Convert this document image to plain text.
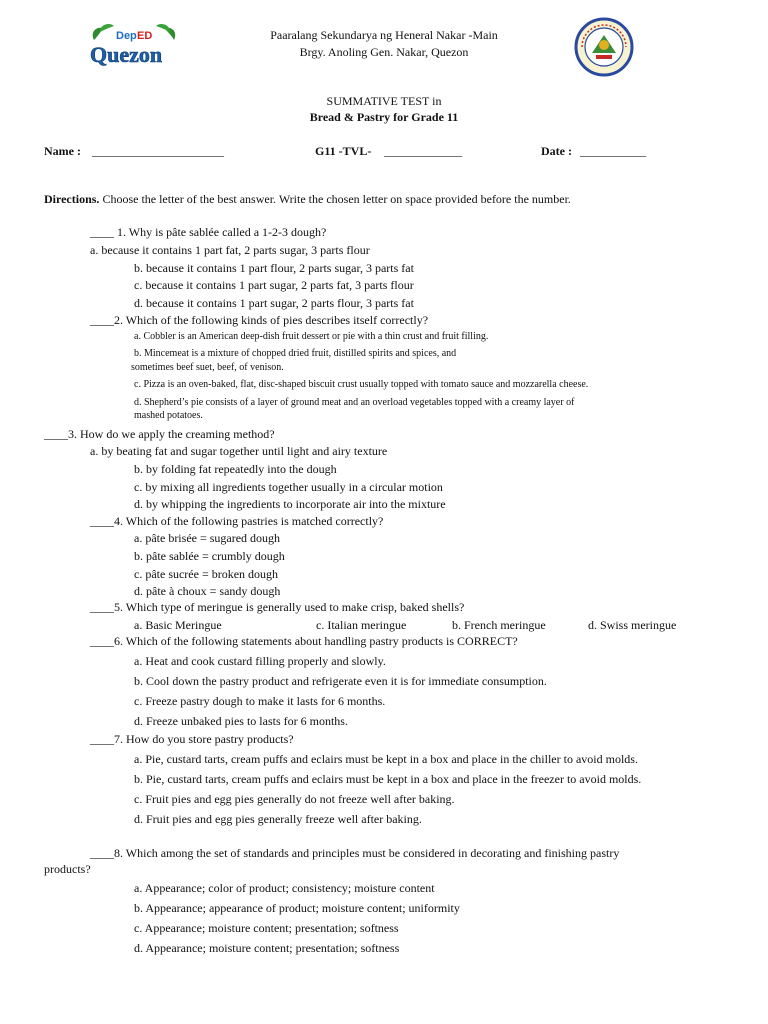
Dep ED
Quezon
Paaralang Sekundarya ng Heneral Nakar -Main
Brgy. Anoling Gen. Nakar, Quezon
SUMMATIVE TEST in
Bread & Pastry for Grade 11
Name : ______________________	G11 -TVL- _____________	Date : ___________
Directions. Choose the letter of the best answer. Write the chosen letter on space provided before the number.
____ 1. Why is pâte sablée called a 1-2-3 dough?
a. because it contains 1 part fat, 2 parts sugar, 3 parts flour
b. because it contains 1 part flour, 2 parts sugar, 3 parts fat
c. because it contains 1 part sugar, 2 parts fat, 3 parts flour
d. because it contains 1 part sugar, 2 parts flour, 3 parts fat
____2. Which of the following kinds of pies describes itself correctly?
a. Cobbler is an American deep-dish fruit dessert or pie with a thin crust and fruit filling.
b. Mincemeat is a mixture of chopped dried fruit, distilled spirits and spices, and
sometimes beef suet, beef, of venison.
c. Pizza is an oven-baked, flat, disc-shaped biscuit crust usually topped with tomato sauce and mozzarella cheese.
d. Shepherd’s pie consists of a layer of ground meat and an overload vegetables topped with a creamy layer of
mashed potatoes.
____3. How do we apply the creaming method?
a. by beating fat and sugar together until light and airy texture
b. by folding fat repeatedly into the dough
c. by mixing all ingredients together usually in a circular motion
d. by whipping the ingredients to incorporate air into the mixture
____4. Which of the following pastries is matched correctly?
a. pâte brisée = sugared dough
b. pâte sablée = crumbly dough
c. pâte sucrée = broken dough
d. pâte à choux = sandy dough
____5. Which type of meringue is generally used to make crisp, baked shells?
a. Basic Meringue	c. Italian meringue	b. French meringue	d. Swiss meringue
____6. Which of the following statements about handling pastry products is CORRECT?
a. Heat and cook custard filling properly and slowly.
b. Cool down the pastry product and refrigerate even it is for immediate consumption.
c. Freeze pastry dough to make it lasts for 6 months.
d. Freeze unbaked pies to lasts for 6 months.
____7. How do you store pastry products?
a. Pie, custard tarts, cream puffs and eclairs must be kept in a box and place in the chiller to avoid molds.
b. Pie, custard tarts, cream puffs and eclairs must be kept in a box and place in the freezer to avoid molds.
c. Fruit pies and egg pies generally do not freeze well after baking.
d. Fruit pies and egg pies generally freeze well after baking.
____8. Which among the set of standards and principles must be considered in decorating and finishing pastry
products?
a. Appearance; color of product; consistency; moisture content
b. Appearance; appearance of product; moisture content; uniformity
c. Appearance; moisture content; presentation; softness
d. Appearance; moisture content; presentation; softness
